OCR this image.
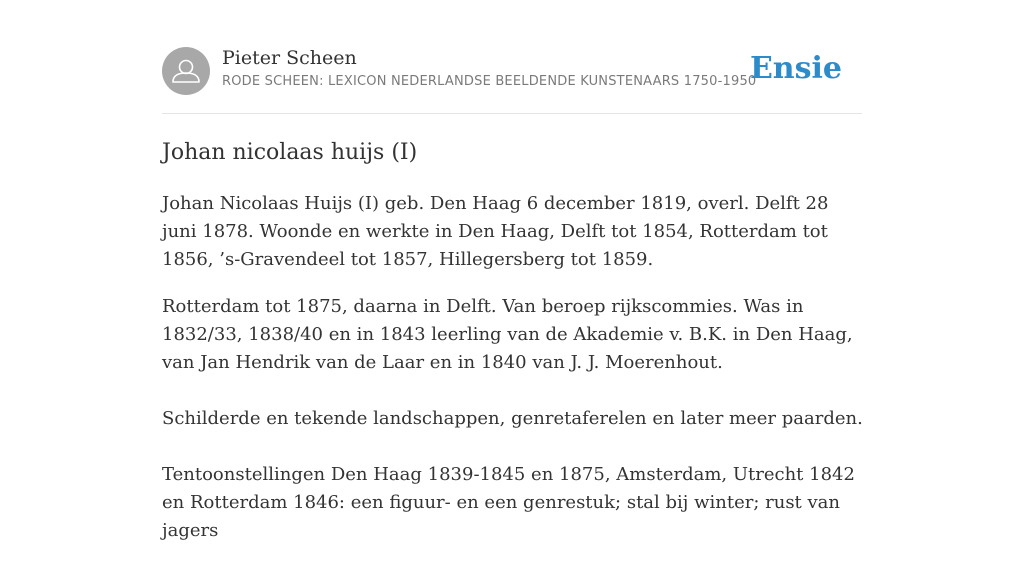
Pieter Scheen
RODE SCHEEN: LEXICON NEDERLANDSE BEELDENDE KUNSTENAARS 1750-1950
Ensie
Johan nicolaas huijs (I)

Johan Nicolaas Huijs (I) geb. Den Haag 6 december 1819, overl. Delft 28 juni 1878. Woonde en werkte in Den Haag, Delft tot 1854, Rotterdam tot 1856, ’s-Gravendeel tot 1857, Hillegersberg tot 1859.

Rotterdam tot 1875, daarna in Delft. Van beroep rijkscommies. Was in 1832/33, 1838/40 en in 1843 leerling van de Akademie v. B.K. in Den Haag, van Jan Hendrik van de Laar en in 1840 van J. J. Moerenhout.

Schilderde en tekende landschappen, genretaferelen en later meer paarden.

Tentoonstellingen Den Haag 1839-1845 en 1875, Amsterdam, Utrecht 1842 en Rotterdam 1846: een figuur- en een genrestuk; stal bij winter; rust van jagers
